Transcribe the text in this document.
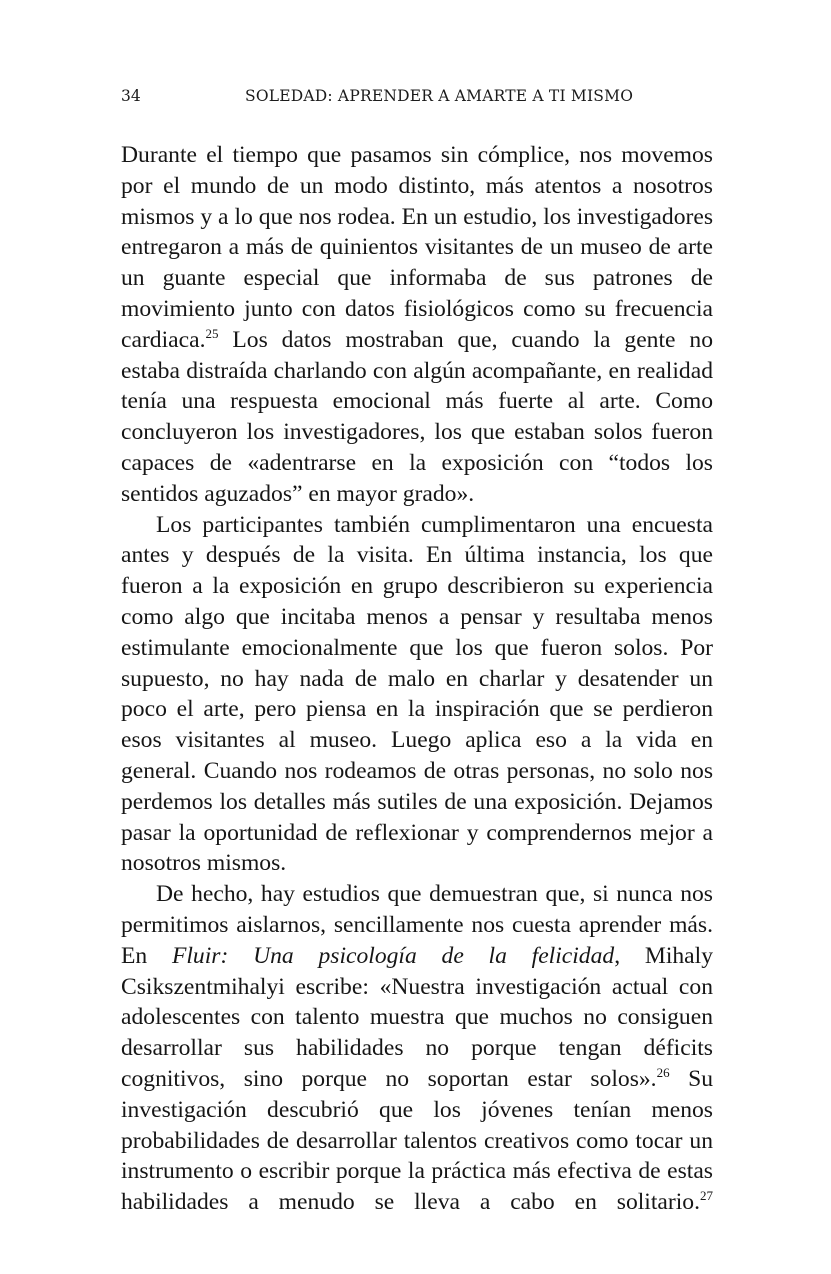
34	SOLEDAD: APRENDER A AMARTE A TI MISMO

Durante el tiempo que pasamos sin cómplice, nos movemos por el mundo de un modo distinto, más atentos a nosotros mismos y a lo que nos rodea. En un estudio, los investigadores entregaron a más de quinientos visitantes de un museo de arte un guante especial que informaba de sus patrones de movimiento junto con datos fisiológicos como su frecuencia cardiaca.$^{25}$ Los datos mostraban que, cuando la gente no estaba distraída charlando con algún acompañante, en realidad tenía una respuesta emocional más fuerte al arte. Como concluyeron los investigadores, los que estaban solos fueron capaces de «adentrarse en la exposición con “todos los sentidos aguzados” en mayor grado».

Los participantes también cumplimentaron una encuesta antes y después de la visita. En última instancia, los que fueron a la exposición en grupo describieron su experiencia como algo que incitaba menos a pensar y resultaba menos estimulante emocionalmente que los que fueron solos. Por supuesto, no hay nada de malo en charlar y desatender un poco el arte, pero piensa en la inspiración que se perdieron esos visitantes al museo. Luego aplica eso a la vida en general. Cuando nos rodeamos de otras personas, no solo nos perdemos los detalles más sutiles de una exposición. Dejamos pasar la oportunidad de reflexionar y comprendernos mejor a nosotros mismos.

De hecho, hay estudios que demuestran que, si nunca nos permitimos aislarnos, sencillamente nos cuesta aprender más. En Fluir: Una psicología de la felicidad, Mihaly Csikszentmihalyi escribe: «Nuestra investigación actual con adolescentes con talento muestra que muchos no consiguen desarrollar sus habilidades no porque tengan déficits cognitivos, sino porque no soportan estar solos».$^{26}$ Su investigación descubrió que los jóvenes tenían menos probabilidades de desarrollar talentos creativos como tocar un instrumento o escribir porque la práctica más efectiva de estas habilidades a menudo se lleva a cabo en solitario.$^{27}$
